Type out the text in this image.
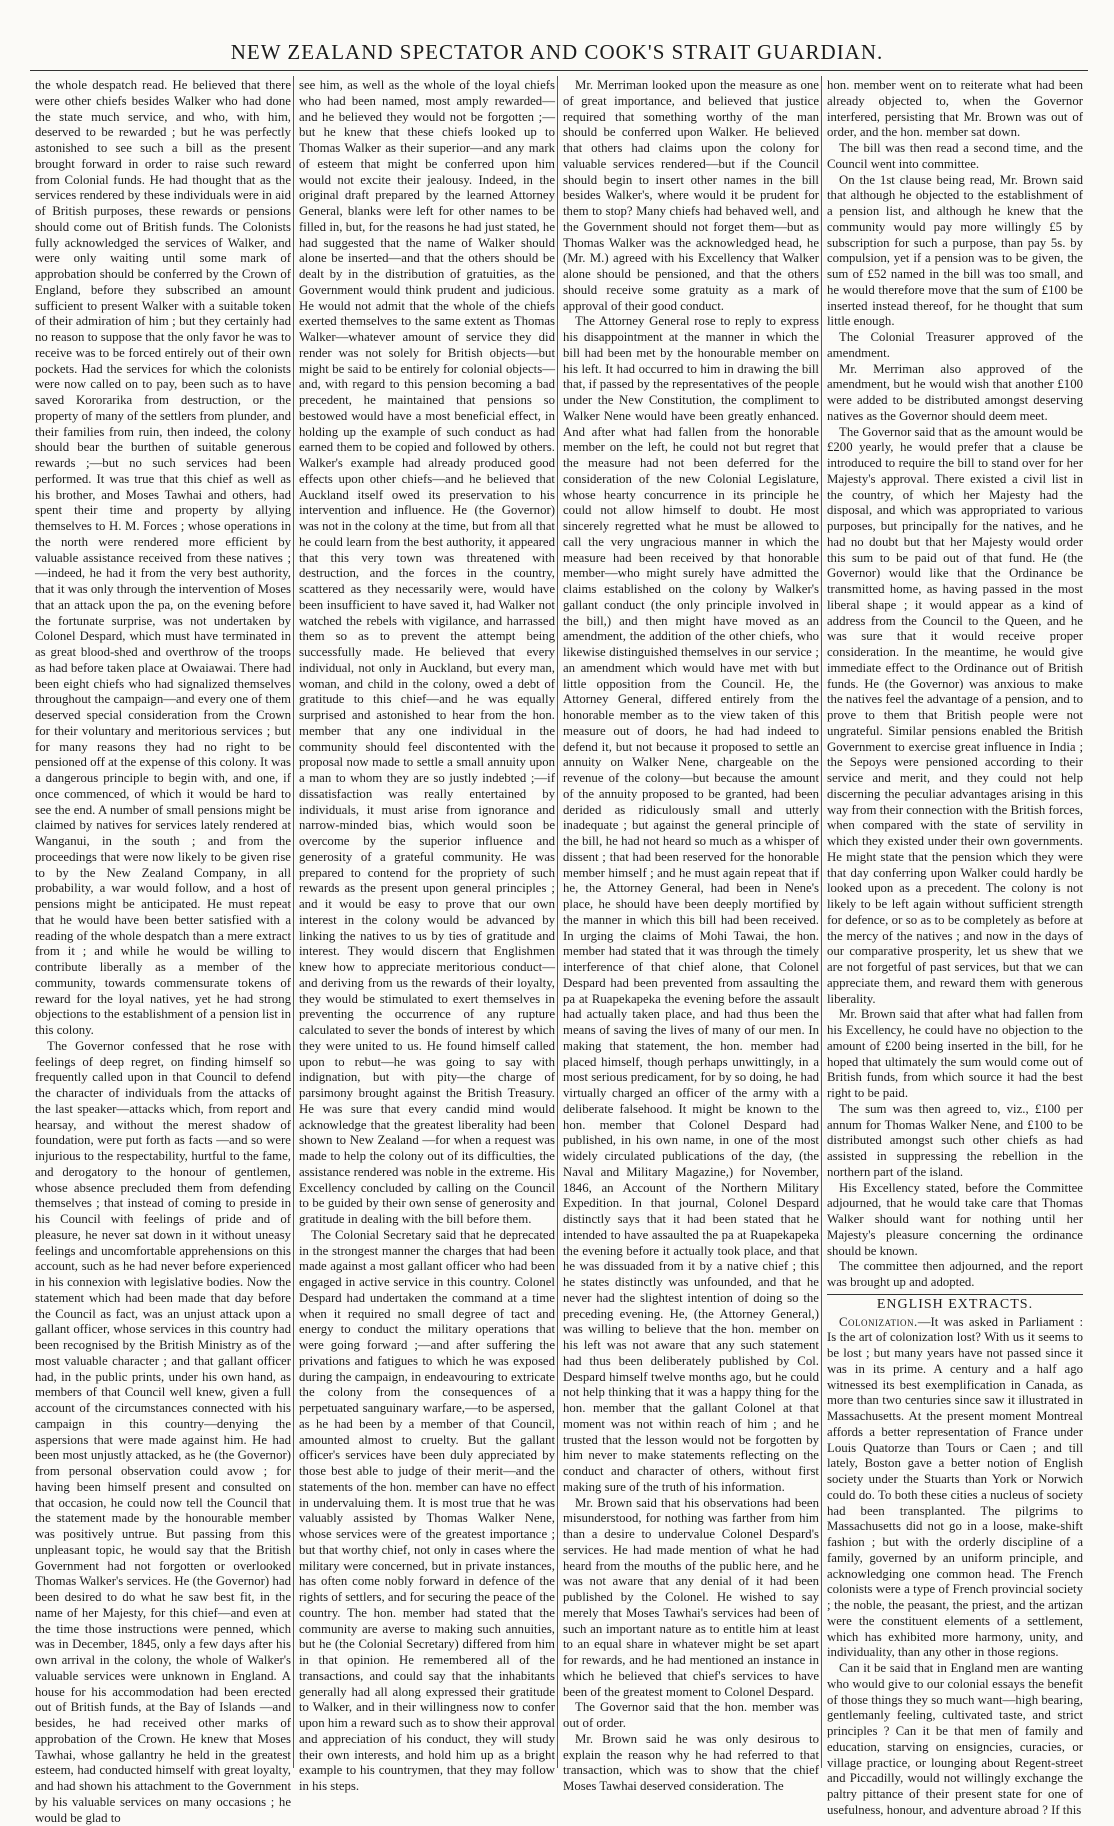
NEW ZEALAND SPECTATOR AND COOK'S STRAIT GUARDIAN.

the whole despatch read. He believed that there were other chiefs besides Walker who had done the state much service, and who, with him, deserved to be rewarded ; but he was perfectly astonished to see such a bill as the present brought forward in order to raise such reward from Colonial funds. He had thought that as the services rendered by these individuals were in aid of British purposes, these rewards or pensions should come out of British funds. The Colonists fully acknowledged the services of Walker, and were only waiting until some mark of approbation should be conferred by the Crown of England, before they subscribed an amount sufficient to present Walker with a suitable token of their admiration of him ; but they certainly had no reason to suppose that the only favor he was to receive was to be forced entirely out of their own pockets. Had the services for which the colonists were now called on to pay, been such as to have saved Kororarika from destruction, or the property of many of the settlers from plunder, and their families from ruin, then indeed, the colony should bear the burthen of suitable generous rewards ;—but no such services had been performed. It was true that this chief as well as his brother, and Moses Tawhai and others, had spent their time and property by allying themselves to H. M. Forces ; whose operations in the north were rendered more efficient by valuable assistance received from these natives ;—indeed, he had it from the very best authority, that it was only through the intervention of Moses that an attack upon the pa, on the evening before the fortunate surprise, was not undertaken by Colonel Despard, which must have terminated in as great blood-shed and overthrow of the troops as had before taken place at Owaiawai. There had been eight chiefs who had signalized themselves throughout the campaign—and every one of them deserved special consideration from the Crown for their voluntary and meritorious services ; but for many reasons they had no right to be pensioned off at the expense of this colony. It was a dangerous principle to begin with, and one, if once commenced, of which it would be hard to see the end. A number of small pensions might be claimed by natives for services lately rendered at Wanganui, in the south ; and from the proceedings that were now likely to be given rise to by the New Zealand Company, in all probability, a war would follow, and a host of pensions might be anticipated. He must repeat that he would have been better satisfied with a reading of the whole despatch than a mere extract from it ; and while he would be willing to contribute liberally as a member of the community, towards commensurate tokens of reward for the loyal natives, yet he had strong objections to the establishment of a pension list in this colony.

The Governor confessed that he rose with feelings of deep regret, on finding himself so frequently called upon in that Council to defend the character of individuals from the attacks of the last speaker—attacks which, from report and hearsay, and without the merest shadow of foundation, were put forth as facts —and so were injurious to the respectability, hurtful to the fame, and derogatory to the honour of gentlemen, whose absence precluded them from defending themselves ; that instead of coming to preside in his Council with feelings of pride and of pleasure, he never sat down in it without uneasy feelings and uncomfortable apprehensions on this account, such as he had never before experienced in his connexion with legislative bodies. Now the statement which had been made that day before the Council as fact, was an unjust attack upon a gallant officer, whose services in this country had been recognised by the British Ministry as of the most valuable character ; and that gallant officer had, in the public prints, under his own hand, as members of that Council well knew, given a full account of the circumstances connected with his campaign in this country—denying the aspersions that were made against him. He had been most unjustly attacked, as he (the Governor) from personal observation could avow ; for having been himself present and consulted on that occasion, he could now tell the Council that the statement made by the honourable member was positively untrue. But passing from this unpleasant topic, he would say that the British Government had not forgotten or overlooked Thomas Walker's services. He (the Governor) had been desired to do what he saw best fit, in the name of her Majesty, for this chief—and even at the time those instructions were penned, which was in December, 1845, only a few days after his own arrival in the colony, the whole of Walker's valuable services were unknown in England. A house for his accommodation had been erected out of British funds, at the Bay of Islands —and besides, he had received other marks of approbation of the Crown. He knew that Moses Tawhai, whose gallantry he held in the greatest esteem, had conducted himself with great loyalty, and had shown his attachment to the Government by his valuable services on many occasions ; he would be glad to

see him, as well as the whole of the loyal chiefs who had been named, most amply rewarded—and he believed they would not be forgotten ;—but he knew that these chiefs looked up to Thomas Walker as their superior—and any mark of esteem that might be conferred upon him would not excite their jealousy. Indeed, in the original draft prepared by the learned Attorney General, blanks were left for other names to be filled in, but, for the reasons he had just stated, he had suggested that the name of Walker should alone be inserted—and that the others should be dealt by in the distribution of gratuities, as the Government would think prudent and judicious. He would not admit that the whole of the chiefs exerted themselves to the same extent as Thomas Walker—whatever amount of service they did render was not solely for British objects—but might be said to be entirely for colonial objects—and, with regard to this pension becoming a bad precedent, he maintained that pensions so bestowed would have a most beneficial effect, in holding up the example of such conduct as had earned them to be copied and followed by others. Walker's example had already produced good effects upon other chiefs—and he believed that Auckland itself owed its preservation to his intervention and influence. He (the Governor) was not in the colony at the time, but from all that he could learn from the best authority, it appeared that this very town was threatened with destruction, and the forces in the country, scattered as they necessarily were, would have been insufficient to have saved it, had Walker not watched the rebels with vigilance, and harrassed them so as to prevent the attempt being successfully made. He believed that every individual, not only in Auckland, but every man, woman, and child in the colony, owed a debt of gratitude to this chief—and he was equally surprised and astonished to hear from the hon. member that any one individual in the community should feel discontented with the proposal now made to settle a small annuity upon a man to whom they are so justly indebted ;—if dissatisfaction was really entertained by individuals, it must arise from ignorance and narrow-minded bias, which would soon be overcome by the superior influence and generosity of a grateful community. He was prepared to contend for the propriety of such rewards as the present upon general principles ; and it would be easy to prove that our own interest in the colony would be advanced by linking the natives to us by ties of gratitude and interest. They would discern that Englishmen knew how to appreciate meritorious conduct—and deriving from us the rewards of their loyalty, they would be stimulated to exert themselves in preventing the occurrence of any rupture calculated to sever the bonds of interest by which they were united to us. He found himself called upon to rebut—he was going to say with indignation, but with pity—the charge of parsimony brought against the British Treasury. He was sure that every candid mind would acknowledge that the greatest liberality had been shown to New Zealand —for when a request was made to help the colony out of its difficulties, the assistance rendered was noble in the extreme. His Excellency concluded by calling on the Council to be guided by their own sense of generosity and gratitude in dealing with the bill before them.

The Colonial Secretary said that he deprecated in the strongest manner the charges that had been made against a most gallant officer who had been engaged in active service in this country. Colonel Despard had undertaken the command at a time when it required no small degree of tact and energy to conduct the military operations that were going forward ;—and after suffering the privations and fatigues to which he was exposed during the campaign, in endeavouring to extricate the colony from the consequences of a perpetuated sanguinary warfare,—to be aspersed, as he had been by a member of that Council, amounted almost to cruelty. But the gallant officer's services have been duly appreciated by those best able to judge of their merit—and the statements of the hon. member can have no effect in undervaluing them. It is most true that he was valuably assisted by Thomas Walker Nene, whose services were of the greatest importance ; but that worthy chief, not only in cases where the military were concerned, but in private instances, has often come nobly forward in defence of the rights of settlers, and for securing the peace of the country. The hon. member had stated that the community are averse to making such annuities, but he (the Colonial Secretary) differed from him in that opinion. He remembered all of the transactions, and could say that the inhabitants generally had all along expressed their gratitude to Walker, and in their willingness now to confer upon him a reward such as to show their approval and appreciation of his conduct, they will study their own interests, and hold him up as a bright example to his countrymen, that they may follow in his steps.

Mr. Merriman looked upon the measure as one of great importance, and believed that justice required that something worthy of the man should be conferred upon Walker. He believed that others had claims upon the colony for valuable services rendered—but if the Council should begin to insert other names in the bill besides Walker's, where would it be prudent for them to stop? Many chiefs had behaved well, and the Government should not forget them—but as Thomas Walker was the acknowledged head, he (Mr. M.) agreed with his Excellency that Walker alone should be pensioned, and that the others should receive some gratuity as a mark of approval of their good conduct.

The Attorney General rose to reply to express his disappointment at the manner in which the bill had been met by the honourable member on his left. It had occurred to him in drawing the bill that, if passed by the representatives of the people under the New Constitution, the compliment to Walker Nene would have been greatly enhanced. And after what had fallen from the honorable member on the left, he could not but regret that the measure had not been deferred for the consideration of the new Colonial Legislature, whose hearty concurrence in its principle he could not allow himself to doubt. He most sincerely regretted what he must be allowed to call the very ungracious manner in which the measure had been received by that honorable member—who might surely have admitted the claims established on the colony by Walker's gallant conduct (the only principle involved in the bill,) and then might have moved as an amendment, the addition of the other chiefs, who likewise distinguished themselves in our service ; an amendment which would have met with but little opposition from the Council. He, the Attorney General, differed entirely from the honorable member as to the view taken of this measure out of doors, he had had indeed to defend it, but not because it proposed to settle an annuity on Walker Nene, chargeable on the revenue of the colony—but because the amount of the annuity proposed to be granted, had been derided as ridiculously small and utterly inadequate ; but against the general principle of the bill, he had not heard so much as a whisper of dissent ; that had been reserved for the honorable member himself ; and he must again repeat that if he, the Attorney General, had been in Nene's place, he should have been deeply mortified by the manner in which this bill had been received. In urging the claims of Mohi Tawai, the hon. member had stated that it was through the timely interference of that chief alone, that Colonel Despard had been prevented from assaulting the pa at Ruapekapeka the evening before the assault had actually taken place, and had thus been the means of saving the lives of many of our men. In making that statement, the hon. member had placed himself, though perhaps unwittingly, in a most serious predicament, for by so doing, he had virtually charged an officer of the army with a deliberate falsehood. It might be known to the hon. member that Colonel Despard had published, in his own name, in one of the most widely circulated publications of the day, (the Naval and Military Magazine,) for November, 1846, an Account of the Northern Military Expedition. In that journal, Colonel Despard distinctly says that it had been stated that he intended to have assaulted the pa at Ruapekapeka the evening before it actually took place, and that he was dissuaded from it by a native chief ; this he states distinctly was unfounded, and that he never had the slightest intention of doing so the preceding evening. He, (the Attorney General,) was willing to believe that the hon. member on his left was not aware that any such statement had thus been deliberately published by Col. Despard himself twelve months ago, but he could not help thinking that it was a happy thing for the hon. member that the gallant Colonel at that moment was not within reach of him ; and he trusted that the lesson would not be forgotten by him never to make statements reflecting on the conduct and character of others, without first making sure of the truth of his information.

Mr. Brown said that his observations had been misunderstood, for nothing was farther from him than a desire to undervalue Colonel Despard's services. He had made mention of what he had heard from the mouths of the public here, and he was not aware that any denial of it had been published by the Colonel. He wished to say merely that Moses Tawhai's services had been of such an important nature as to entitle him at least to an equal share in whatever might be set apart for rewards, and he had mentioned an instance in which he believed that chief's services to have been of the greatest moment to Colonel Despard.

The Governor said that the hon. member was out of order.

Mr. Brown said he was only desirous to explain the reason why he had referred to that transaction, which was to show that the chief Moses Tawhai deserved consideration. The

hon. member went on to reiterate what had been already objected to, when the Governor interfered, persisting that Mr. Brown was out of order, and the hon. member sat down.

The bill was then read a second time, and the Council went into committee.

On the 1st clause being read, Mr. Brown said that although he objected to the establishment of a pension list, and although he knew that the community would pay more willingly £5 by subscription for such a purpose, than pay 5s. by compulsion, yet if a pension was to be given, the sum of £52 named in the bill was too small, and he would therefore move that the sum of £100 be inserted instead thereof, for he thought that sum little enough.

The Colonial Treasurer approved of the amendment.

Mr. Merriman also approved of the amendment, but he would wish that another £100 were added to be distributed amongst deserving natives as the Governor should deem meet.

The Governor said that as the amount would be £200 yearly, he would prefer that a clause be introduced to require the bill to stand over for her Majesty's approval. There existed a civil list in the country, of which her Majesty had the disposal, and which was appropriated to various purposes, but principally for the natives, and he had no doubt but that her Majesty would order this sum to be paid out of that fund. He (the Governor) would like that the Ordinance be transmitted home, as having passed in the most liberal shape ; it would appear as a kind of address from the Council to the Queen, and he was sure that it would receive proper consideration. In the meantime, he would give immediate effect to the Ordinance out of British funds. He (the Governor) was anxious to make the natives feel the advantage of a pension, and to prove to them that British people were not ungrateful. Similar pensions enabled the British Government to exercise great influence in India ; the Sepoys were pensioned according to their service and merit, and they could not help discerning the peculiar advantages arising in this way from their connection with the British forces, when compared with the state of servility in which they existed under their own governments. He might state that the pension which they were that day conferring upon Walker could hardly be looked upon as a precedent. The colony is not likely to be left again without sufficient strength for defence, or so as to be completely as before at the mercy of the natives ; and now in the days of our comparative prosperity, let us shew that we are not forgetful of past services, but that we can appreciate them, and reward them with generous liberality.

Mr. Brown said that after what had fallen from his Excellency, he could have no objection to the amount of £200 being inserted in the bill, for he hoped that ultimately the sum would come out of British funds, from which source it had the best right to be paid.

The sum was then agreed to, viz., £100 per annum for Thomas Walker Nene, and £100 to be distributed amongst such other chiefs as had assisted in suppressing the rebellion in the northern part of the island.

His Excellency stated, before the Committee adjourned, that he would take care that Thomas Walker should want for nothing until her Majesty's pleasure concerning the ordinance should be known.

The committee then adjourned, and the report was brought up and adopted.

ENGLISH EXTRACTS.

Colonization.—It was asked in Parliament : Is the art of colonization lost? With us it seems to be lost ; but many years have not passed since it was in its prime. A century and a half ago witnessed its best exemplification in Canada, as more than two centuries since saw it illustrated in Massachusetts. At the present moment Montreal affords a better representation of France under Louis Quatorze than Tours or Caen ; and till lately, Boston gave a better notion of English society under the Stuarts than York or Norwich could do. To both these cities a nucleus of society had been transplanted. The pilgrims to Massachusetts did not go in a loose, make-shift fashion ; but with the orderly discipline of a family, governed by an uniform principle, and acknowledging one common head. The French colonists were a type of French provincial society ; the noble, the peasant, the priest, and the artizan were the constituent elements of a settlement, which has exhibited more harmony, unity, and individuality, than any other in those regions.

Can it be said that in England men are wanting who would give to our colonial essays the benefit of those things they so much want—high bearing, gentlemanly feeling, cultivated taste, and strict principles ? Can it be that men of family and education, starving on ensigncies, curacies, or village practice, or lounging about Regent-street and Piccadilly, would not willingly exchange the paltry pittance of their present state for one of usefulness, honour, and adventure abroad ? If this
